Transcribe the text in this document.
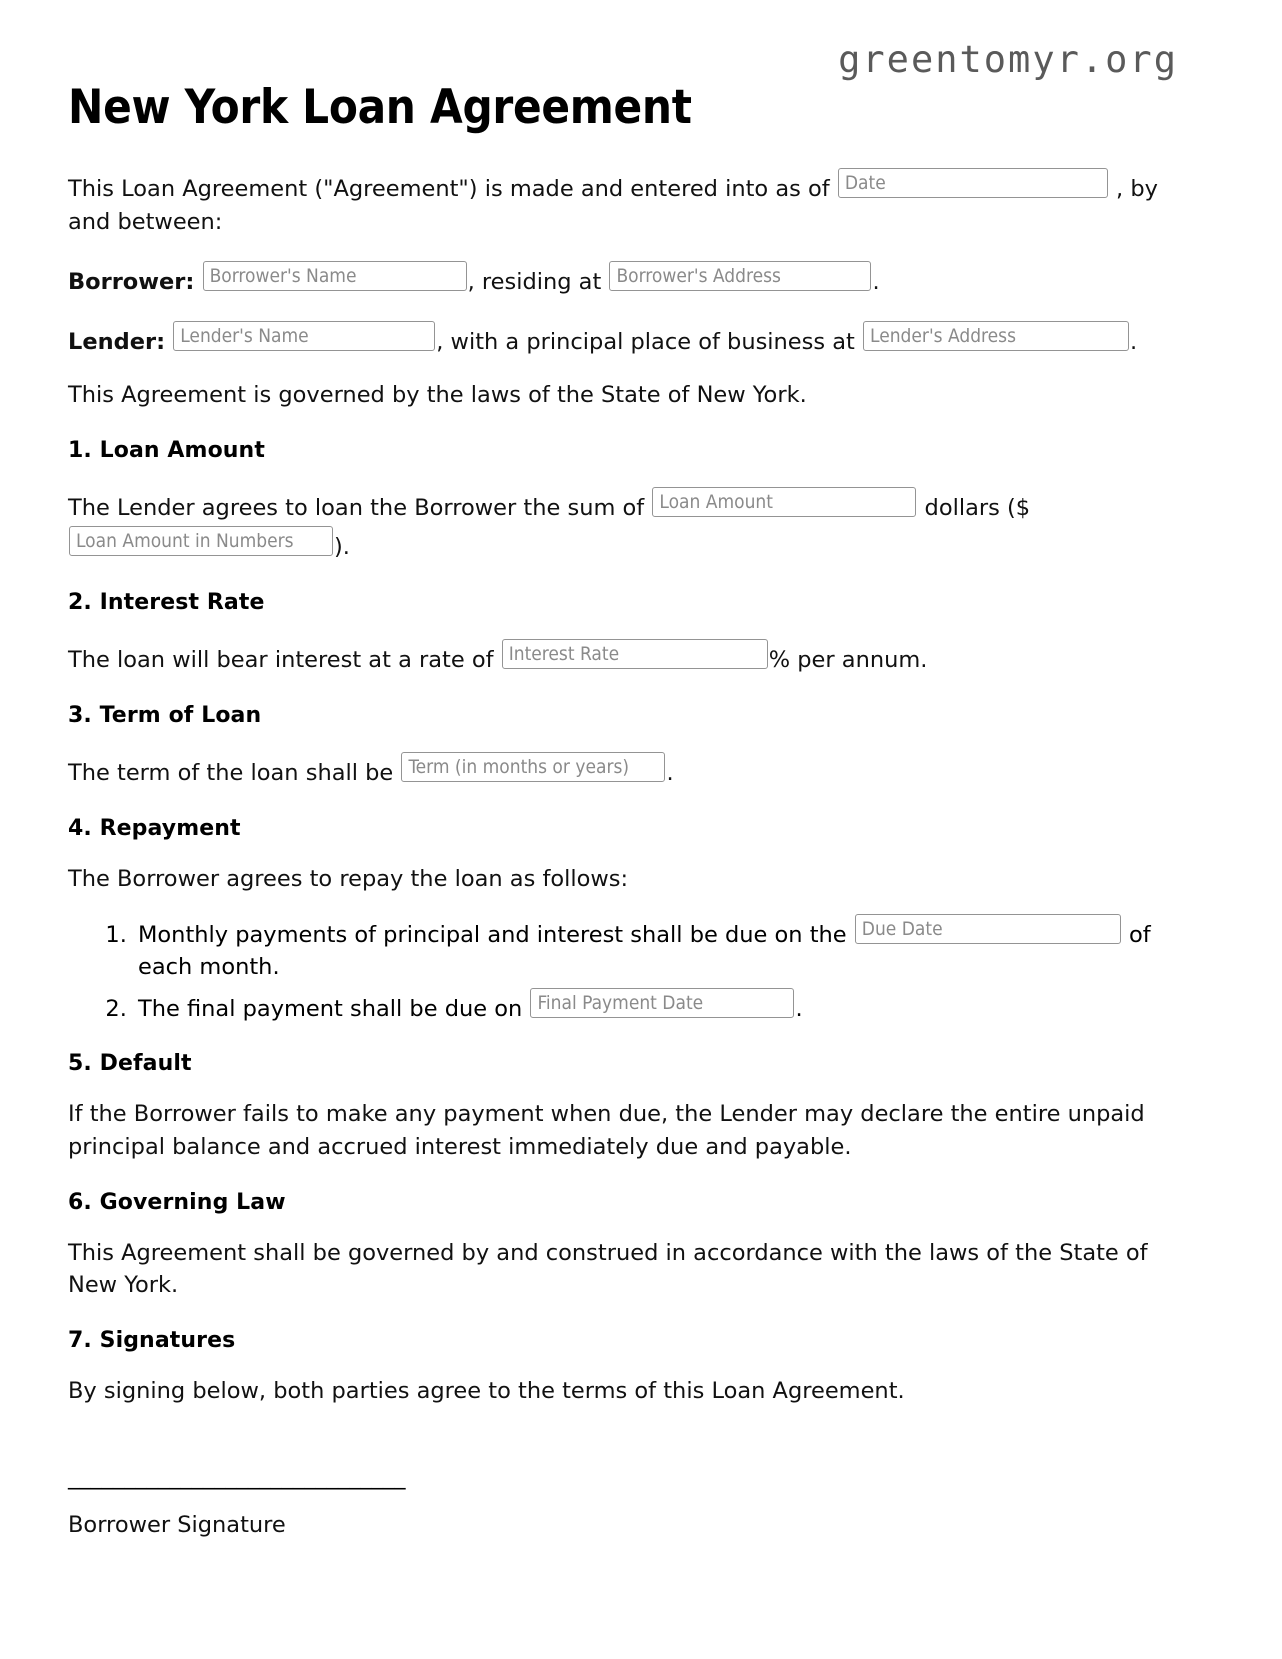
greentomyr.org
New York Loan Agreement

This Loan Agreement ("Agreement") is made and entered into as of Date	, by and between:

Borrower: Borrower's Name	, residing at Borrower's Address	.

Lender: Lender's Name	, with a principal place of business at Lender's Address	.

This Agreement is governed by the laws of the State of New York.

1. Loan Amount

The Lender agrees to loan the Borrower the sum of Loan Amount	dollars ($ Loan Amount in Numbers ).

2. Interest Rate

The loan will bear interest at a rate of Interest Rate	% per annum.

3. Term of Loan

The term of the loan shall be Term (in months or years) .

4. Repayment

The Borrower agrees to repay the loan as follows:

1. Monthly payments of principal and interest shall be due on the Due Date	of each month.
2. The final payment shall be due on Final Payment Date	.
5. Default

If the Borrower fails to make any payment when due, the Lender may declare the entire unpaid principal balance and accrued interest immediately due and payable.

6. Governing Law

This Agreement shall be governed by and construed in accordance with the laws of the State of New York.

7. Signatures

By signing below, both parties agree to the terms of this Loan Agreement.

______________________________
Borrower Signature
